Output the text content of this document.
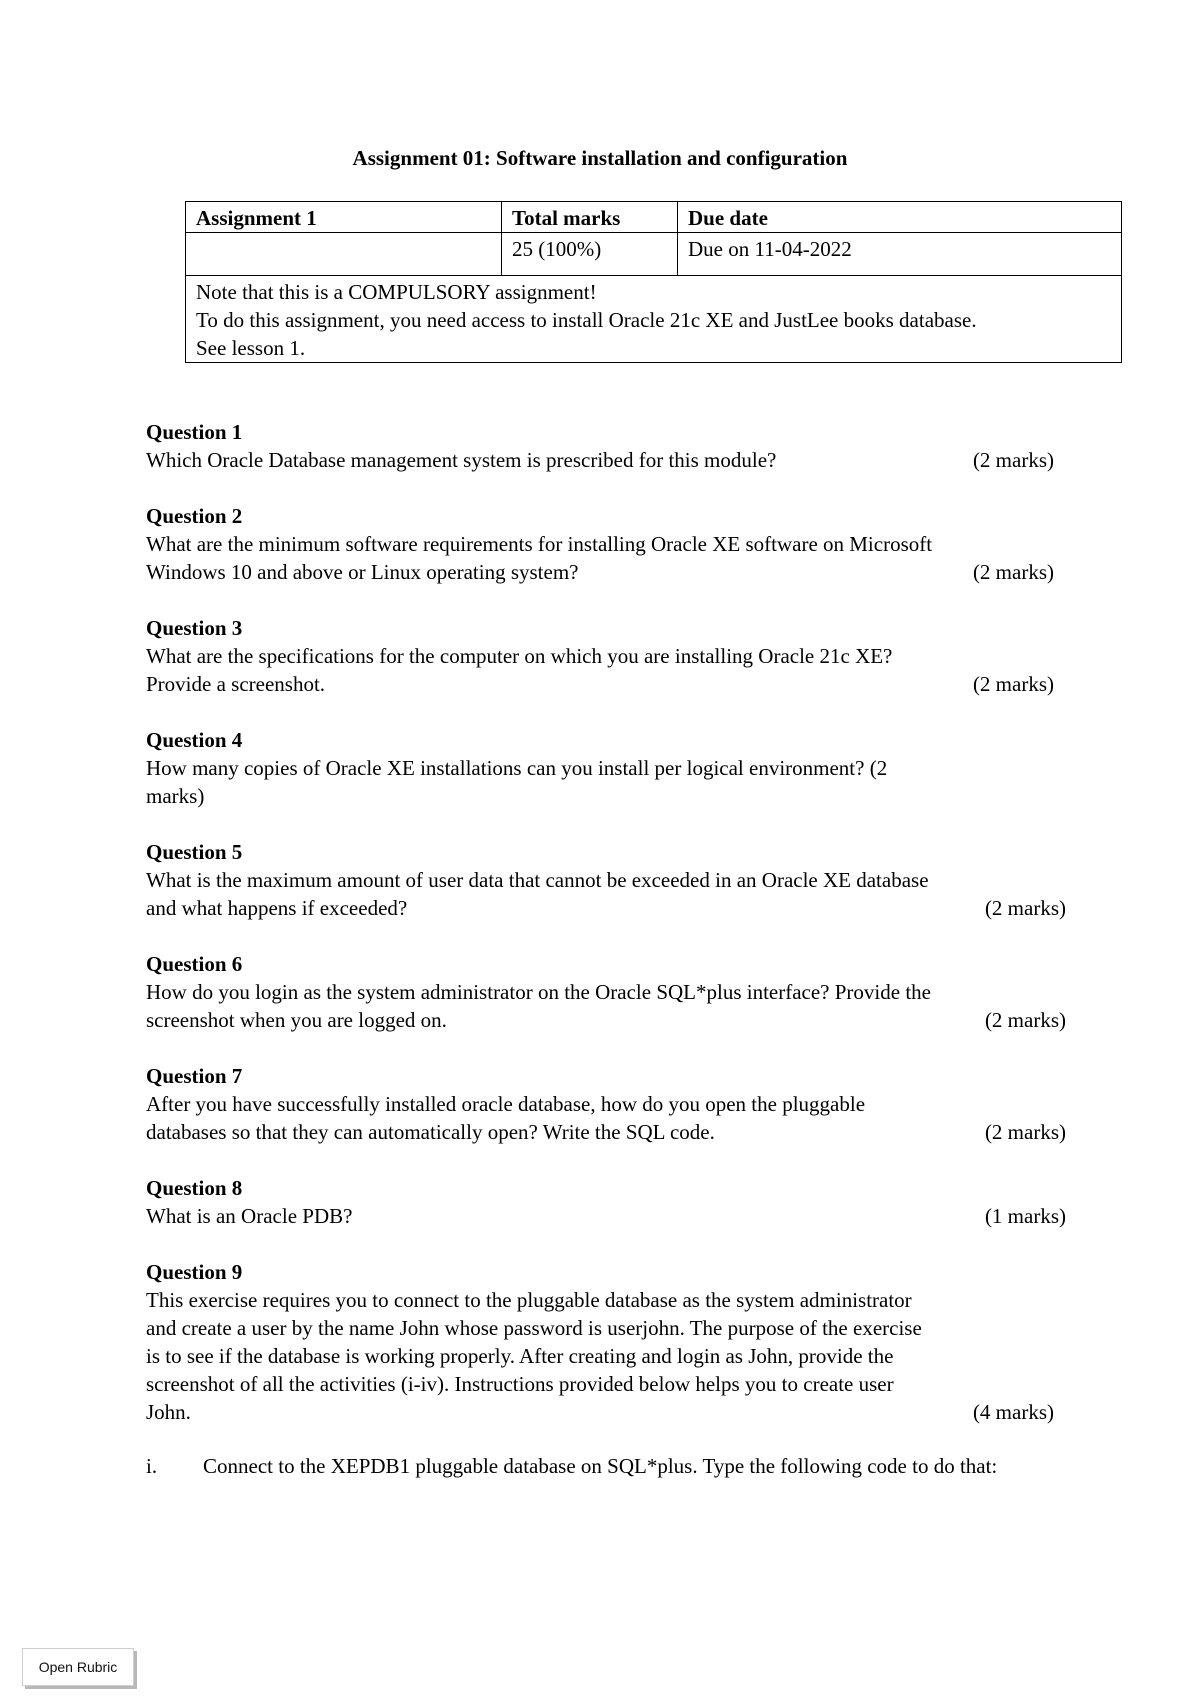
Assignment 01: Software installation and configuration
Assignment 1	Total marks	Due date
	25 (100%)	Due on 11-04-2022

Note that this is a COMPULSORY assignment!
To do this assignment, you need access to install Oracle 21c XE and JustLee books database.
See lesson 1.		
Question 1
Which Oracle Database management system is prescribed for this module?	(2 marks)
Question 2
What are the minimum software requirements for installing Oracle XE software on Microsoft
Windows 10 and above or Linux operating system?	(2 marks)
Question 3
What are the specifications for the computer on which you are installing Oracle 21c XE?
Provide a screenshot.	(2 marks)
Question 4
How many copies of Oracle XE installations can you install per logical environment? (2
marks)
Question 5
What is the maximum amount of user data that cannot be exceeded in an Oracle XE database
and what happens if exceeded?	(2 marks)
Question 6
How do you login as the system administrator on the Oracle SQL*plus interface? Provide the
screenshot when you are logged on.	(2 marks)
Question 7
After you have successfully installed oracle database, how do you open the pluggable
databases so that they can automatically open? Write the SQL code.	(2 marks)
Question 8
What is an Oracle PDB?	(1 marks)
Question 9
This exercise requires you to connect to the pluggable database as the system administrator
and create a user by the name John whose password is userjohn. The purpose of the exercise
is to see if the database is working properly. After creating and login as John, provide the
screenshot of all the activities (i-iv). Instructions provided below helps you to create user
John.	(4 marks)
i.	Connect to the XEPDB1 pluggable database on SQL*plus. Type the following code to do that:
Open Rubric
